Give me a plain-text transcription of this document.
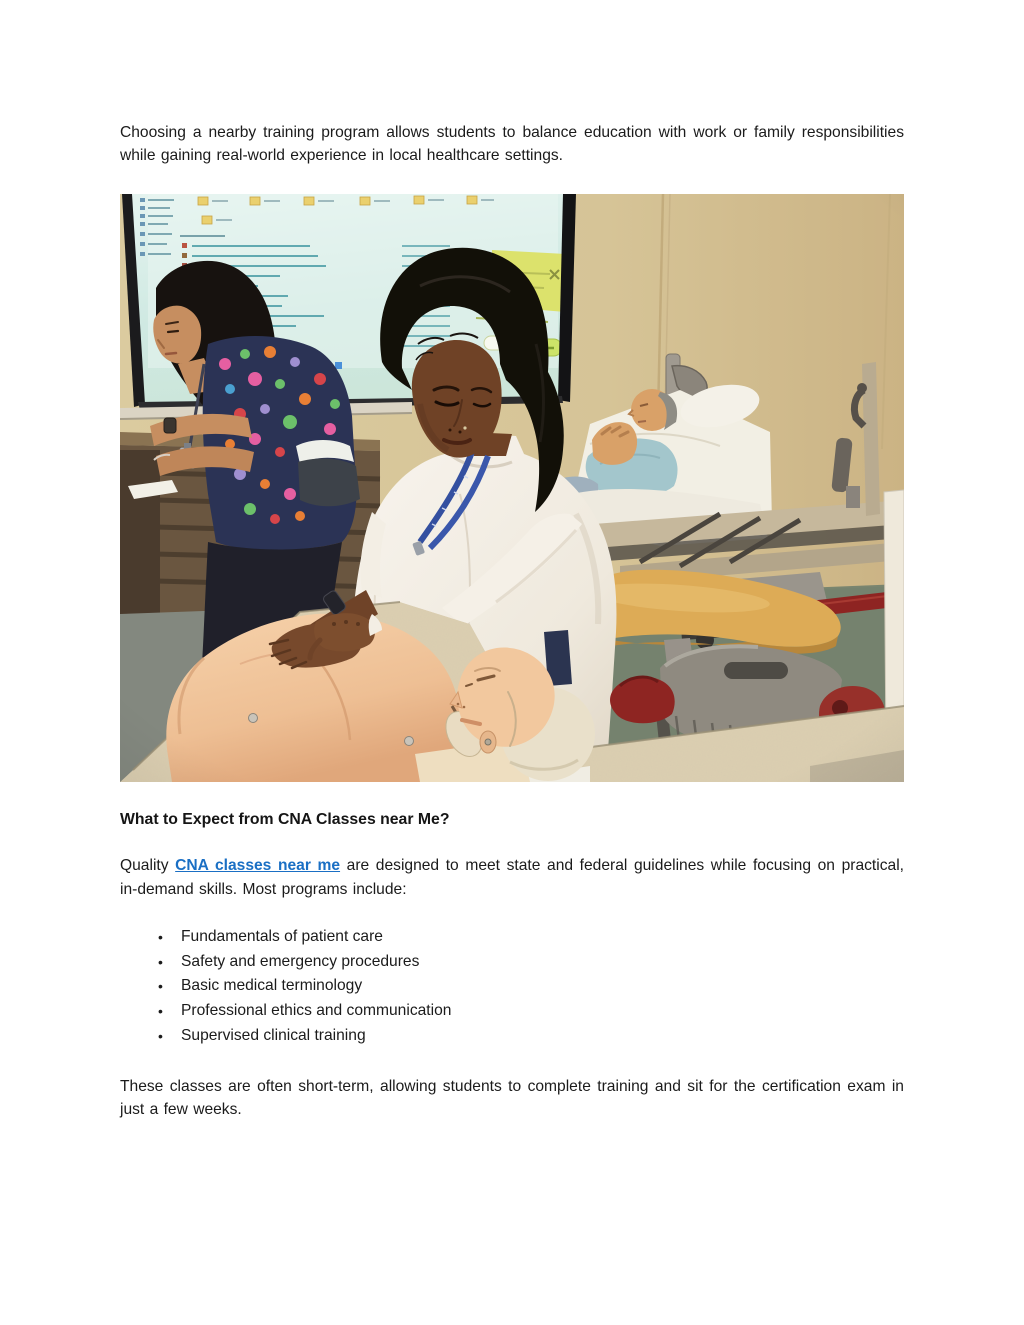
Choosing a nearby training program allows students to balance education with work or family responsibilities while gaining real-world experience in local healthcare settings.

What to Expect from CNA Classes near Me?

Quality CNA classes near me are designed to meet state and federal guidelines while focusing on practical, in-demand skills. Most programs include:

• Fundamentals of patient care
• Safety and emergency procedures
• Basic medical terminology
• Professional ethics and communication
• Supervised clinical training

These classes are often short-term, allowing students to complete training and sit for the certification exam in just a few weeks.
